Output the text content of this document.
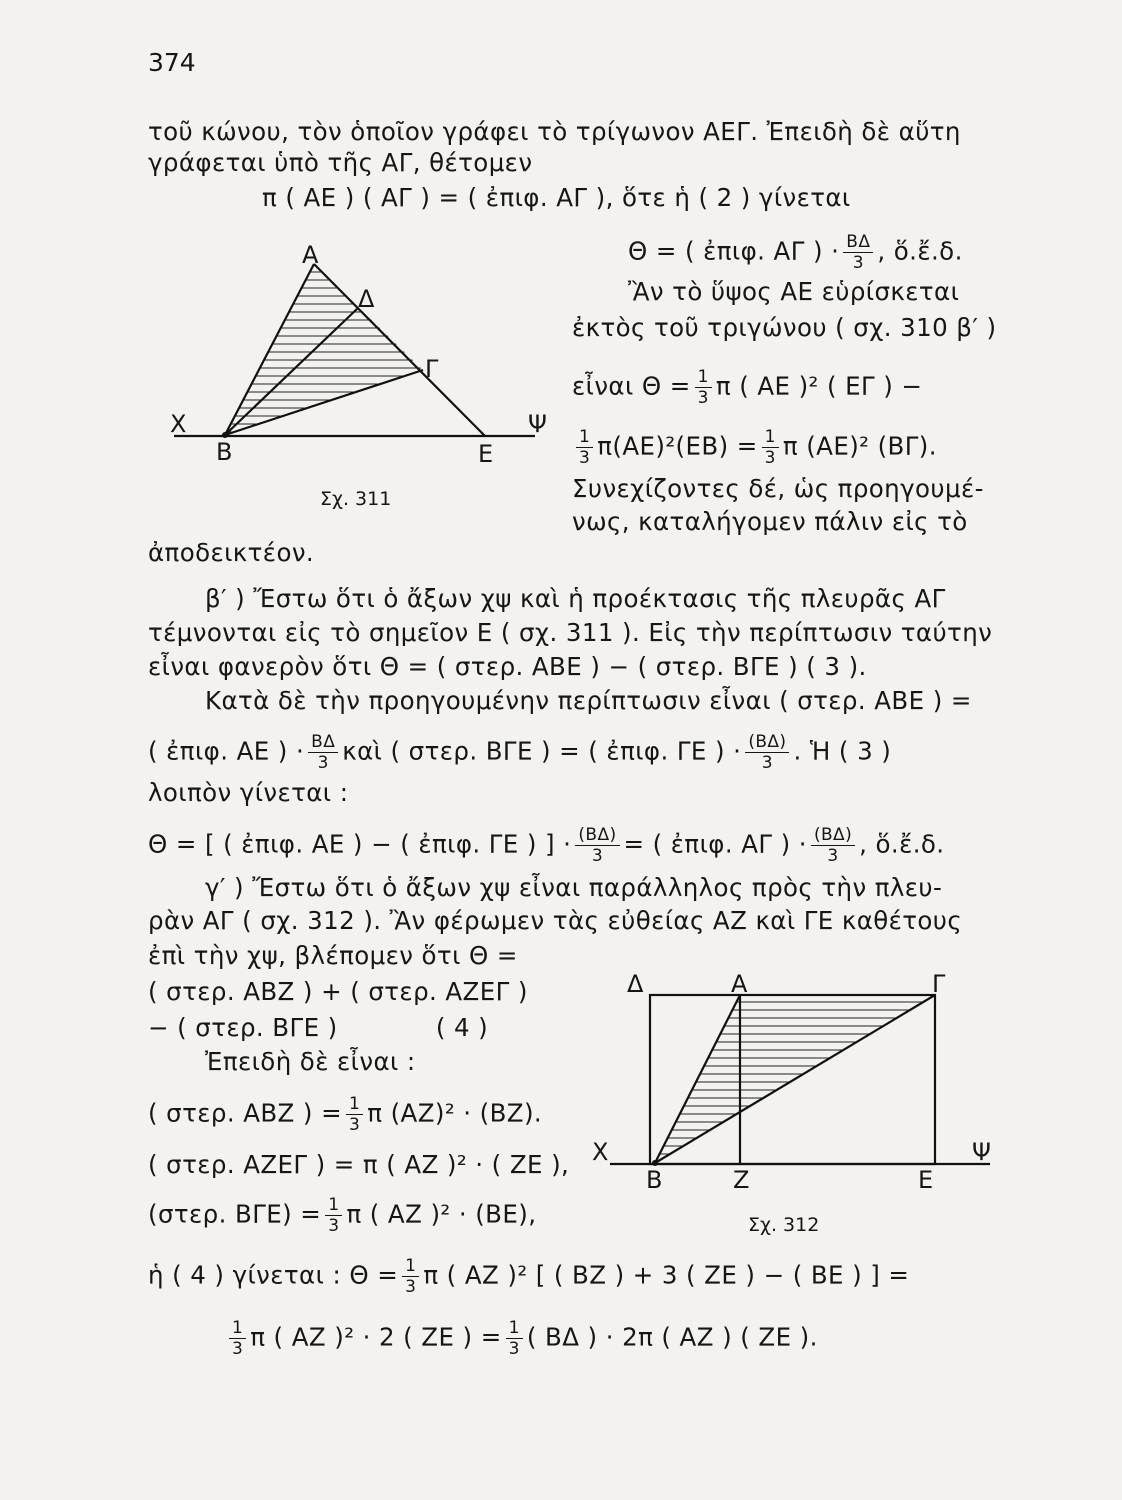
374
τοῦ κώνου, τὸν ὁποῖον γράφει τὸ τρίγωνον ΑΕΓ. Ἐπειδὴ δὲ αὕτη
γράφεται ὑπὸ τῆς ΑΓ, θέτομεν
π ( ΑΕ ) ( ΑΓ ) = ( ἐπιφ. ΑΓ ), ὅτε ἡ ( 2 ) γίνεται
Θ = ( ἐπιφ. ΑΓ ) · $\frac{B\Delta}{3}$ , ὅ.ἔ.δ.
Ἂν τὸ ὕψος ΑΕ εὑρίσκεται
ἐκτὸς τοῦ τριγώνου ( σχ. 310 β′ )
εἶναι $\Theta = \frac{1}{3}$ π ( ΑΕ )² ( ΕΓ ) −
$\frac{1}{3} \pi(AE)^2(EB) = \frac{1}{3}$ π (ΑΕ)² (ΒΓ).
Συνεχίζοντες δέ, ὡς προηγουμέ-
νως, καταλήγομεν πάλιν εἰς τὸ
ἀποδεικτέον.
Α
Δ
Γ
Χ
Β	Ε
Ψ
Σχ. 311
β′ ) Ἔστω ὅτι ὁ ἄξων χψ καὶ ἡ προέκτασις τῆς πλευρᾶς ΑΓ
τέμνονται εἰς τὸ σημεῖον Ε ( σχ. 311 ). Εἰς τὴν περίπτωσιν ταύτην
εἶναι φανερὸν ὅτι Θ = ( στερ. ΑΒΕ ) − ( στερ. ΒΓΕ ) ( 3 ).
Κατὰ δὲ τὴν προηγουμένην περίπτωσιν εἶναι ( στερ. ΑΒΕ ) =
( ἐπιφ. ΑΕ ) · $\frac{B\Delta}{3}$ καὶ ( στερ. ΒΓΕ ) = ( ἐπιφ. ΓΕ ) · $\frac{(B\Delta)}{3}$ . Ἡ ( 3 )
λοιπὸν γίνεται :
Θ = [ ( ἐπιφ. ΑΕ ) − ( ἐπιφ. ΓΕ ) ] · $\frac{(B\Delta)}{3}$ = ( ἐπιφ. ΑΓ ) · $\frac{(B\Delta)}{3}$ , ὅ.ἔ.δ.
γ′ ) Ἔστω ὅτι ὁ ἄξων χψ εἶναι παράλληλος πρὸς τὴν πλευ-
ρὰν ΑΓ ( σχ. 312 ). Ἂν φέρωμεν τὰς εὐθείας ΑΖ καὶ ΓΕ καθέτους
ἐπὶ τὴν χψ, βλέπομεν ὅτι Θ =
( στερ. ΑΒΖ ) + ( στερ. ΑΖΕΓ )
− ( στερ. ΒΓΕ )            ( 4 )
Ἐπειδὴ δὲ εἶναι :
( στερ. ΑΒΖ ) = $\frac{1}{3}$ π (ΑΖ)² · (ΒΖ).
( στερ. ΑΖΕΓ ) = π ( ΑΖ )² · ( ΖΕ ),
(στερ. $B\Gamma E) = \frac{1}{3}$ π ( ΑΖ )² · (ΒΕ),
ἡ ( 4 ) γίνεται : $\Theta = \frac{1}{3}$ π ( ΑΖ )² [ ( ΒΖ ) + 3 ( ΖΕ ) − ( ΒΕ ) ] =
$\frac{1}{3}$ π ( ΑΖ )² · 2 ( ΖΕ ) = $\frac{1}{3}$ ( ΒΔ ) · 2π ( ΑΖ ) ( ΖΕ ).
Δ	Α	Γ
Χ
Β	Ζ	Ε
Ψ
Σχ. 312
